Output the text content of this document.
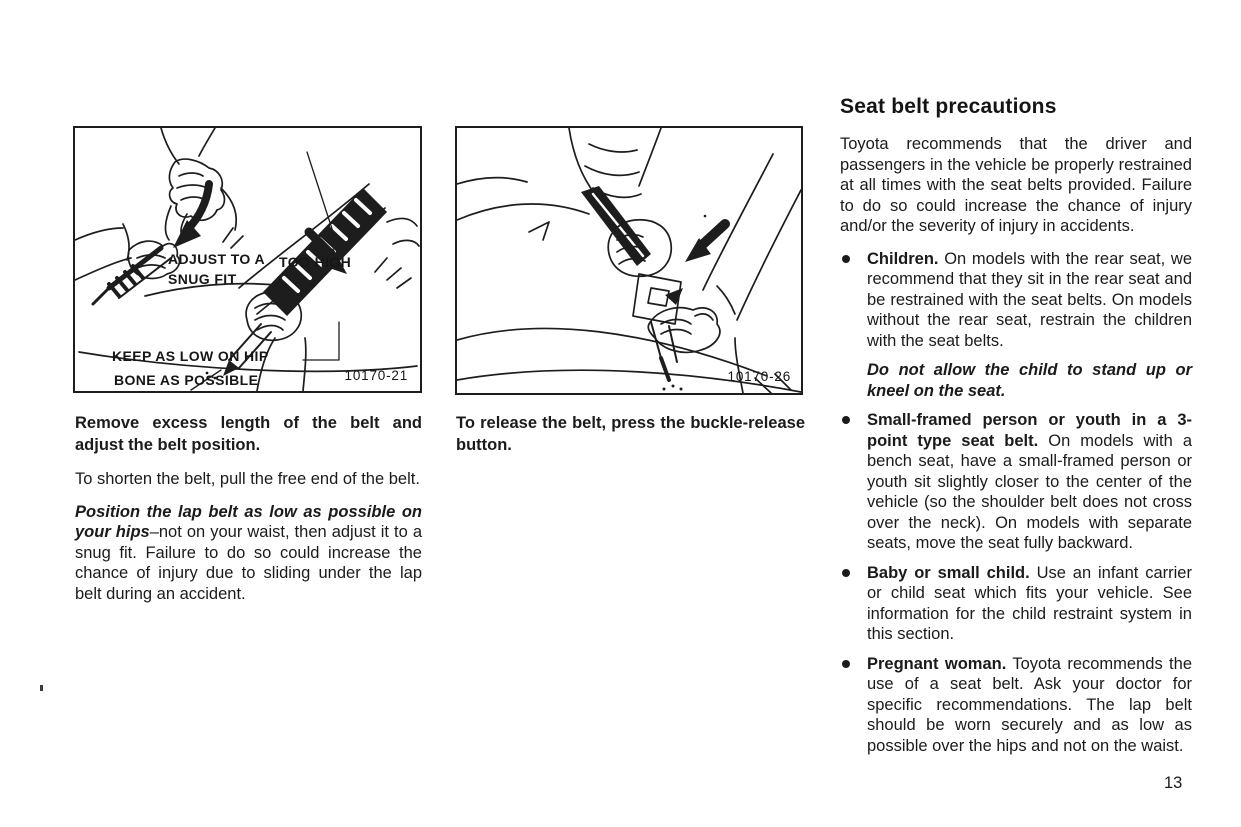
ADJUST TO A
SNUG FIT
TOO HIGH
KEEP AS LOW ON HIP
BONE AS POSSIBLE	10170-21	10170-26

Remove excess length of the belt and adjust the belt position.

To shorten the belt, pull the free end of the belt.

Position the lap belt as low as possible on your hips–not on your waist, then adjust it to a snug fit. Failure to do so could increase the chance of injury due to sliding under the lap belt during an accident.

To release the belt, press the buckle-release button.

Seat belt precautions

Toyota recommends that the driver and passengers in the vehicle be properly restrained at all times with the seat belts provided. Failure to do so could increase the chance of injury and/or the severity of injury in accidents.

Children. On models with the rear seat, we recommend that they sit in the rear seat and be restrained with the seat belts. On models without the rear seat, restrain the children with the seat belts.
Do not allow the child to stand up or kneel on the seat.
Small-framed person or youth in a 3-point type seat belt. On models with a bench seat, have a small-framed person or youth sit slightly closer to the center of the vehicle (so the shoulder belt does not cross over the neck). On models with separate seats, move the seat fully backward.
Baby or small child. Use an infant carrier or child seat which fits your vehicle. See information for the child restraint system in this section.
Pregnant woman. Toyota recommends the use of a seat belt. Ask your doctor for specific recommendations. The lap belt should be worn securely and as low as possible over the hips and not on the waist.
13
